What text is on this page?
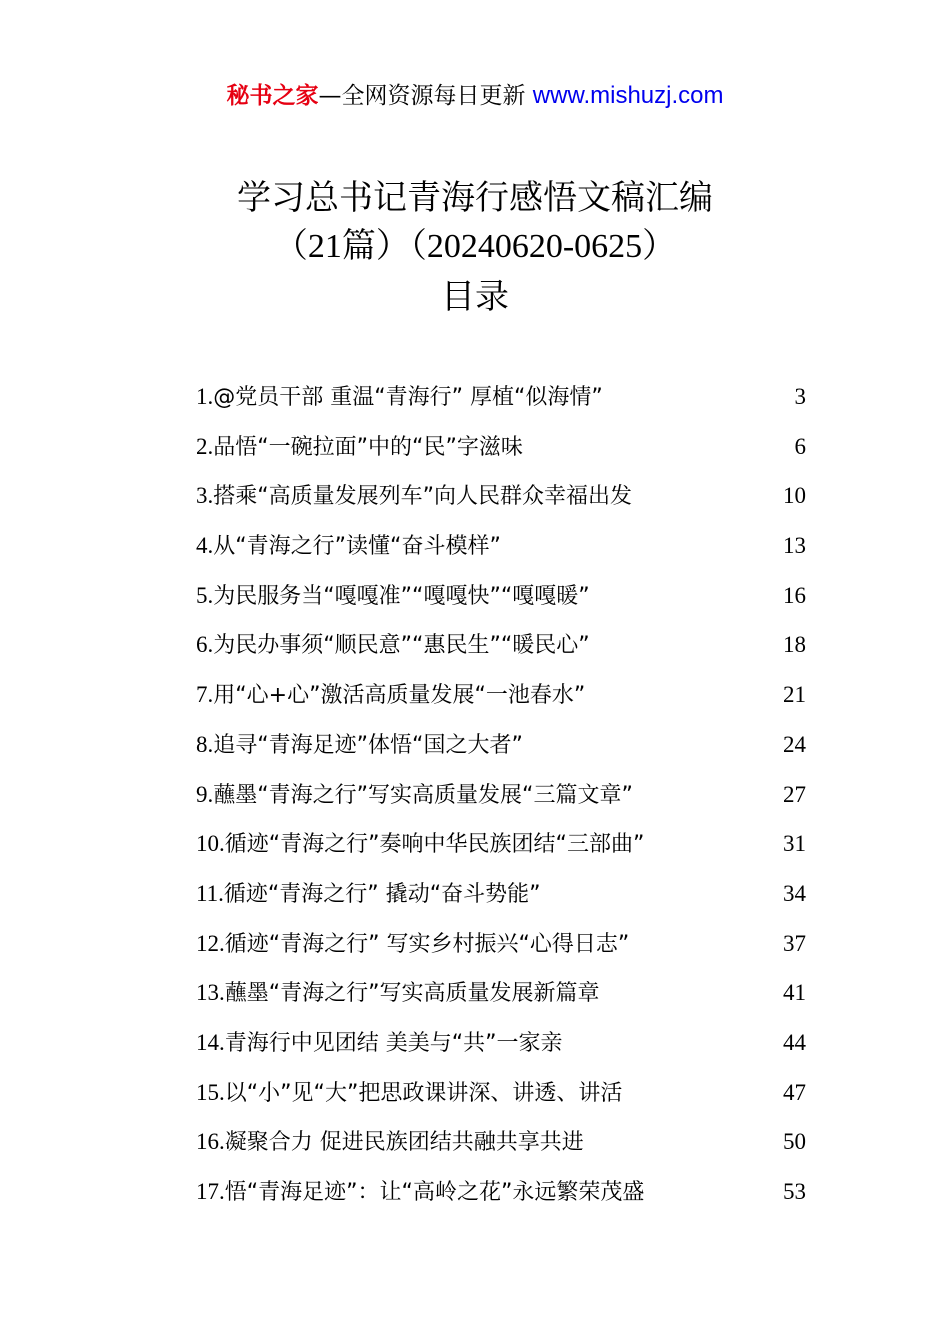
秘书之家—全网资源每日更新 www.mishuzj.com
学习总书记青海行感悟文稿汇编
（21篇）（20240620-0625）
目录
1. @党员干部 重温“青海行” 厚植“似海情”	3
2. 品悟“一碗拉面”中的“民”字滋味	6
3. 搭乘“高质量发展列车”向人民群众幸福出发	10
4. 从“青海之行”读懂“奋斗模样”	13
5. 为民服务当“嘎嘎准”“嘎嘎快”“嘎嘎暖”	16
6. 为民办事须“顺民意”“惠民生”“暖民心”	18
7. 用“心+心”激活高质量发展“一池春水”	21
8. 追寻“青海足迹”体悟“国之大者”	24
9. 蘸墨“青海之行”写实高质量发展“三篇文章”	27
10. 循迹“青海之行”奏响中华民族团结“三部曲”	31
11. 循迹“青海之行” 撬动“奋斗势能”	34
12. 循迹“青海之行” 写实乡村振兴“心得日志”	37
13. 蘸墨“青海之行”写实高质量发展新篇章	41
14. 青海行中见团结 美美与“共”一家亲	44
15. 以“小”见“大”把思政课讲深、讲透、讲活	47
16. 凝聚合力 促进民族团结共融共享共进	50
17. 悟“青海足迹”：让“高岭之花”永远繁荣茂盛	53
